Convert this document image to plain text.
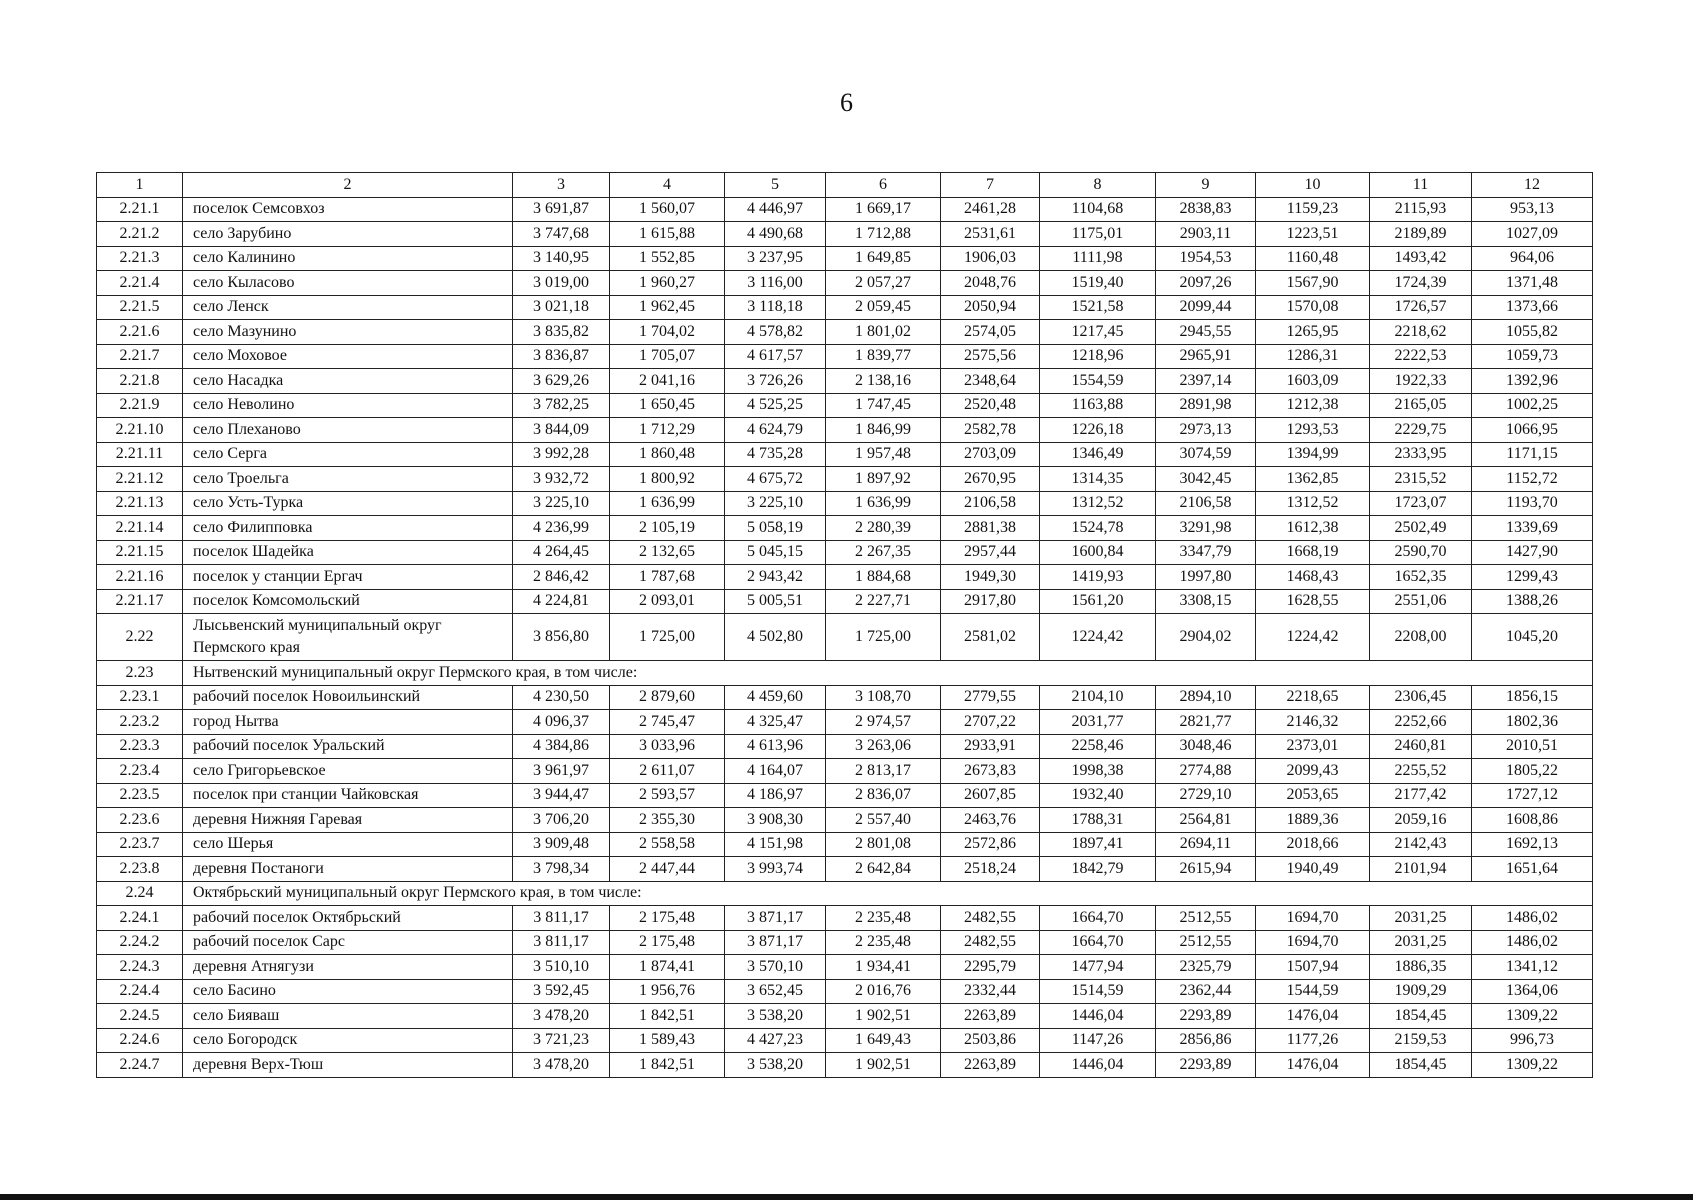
6
1	2	3	4	5	6	7	8	9	10	11	12
2.21.1	поселок Семсовхоз	3 691,87	1 560,07	4 446,97	1 669,17	2461,28	1104,68	2838,83	1159,23	2115,93	953,13
2.21.2	село Зарубино	3 747,68	1 615,88	4 490,68	1 712,88	2531,61	1175,01	2903,11	1223,51	2189,89	1027,09
2.21.3	село Калинино	3 140,95	1 552,85	3 237,95	1 649,85	1906,03	1111,98	1954,53	1160,48	1493,42	964,06
2.21.4	село Кыласово	3 019,00	1 960,27	3 116,00	2 057,27	2048,76	1519,40	2097,26	1567,90	1724,39	1371,48
2.21.5	село Ленск	3 021,18	1 962,45	3 118,18	2 059,45	2050,94	1521,58	2099,44	1570,08	1726,57	1373,66
2.21.6	село Мазунино	3 835,82	1 704,02	4 578,82	1 801,02	2574,05	1217,45	2945,55	1265,95	2218,62	1055,82
2.21.7	село Моховое	3 836,87	1 705,07	4 617,57	1 839,77	2575,56	1218,96	2965,91	1286,31	2222,53	1059,73
2.21.8	село Насадка	3 629,26	2 041,16	3 726,26	2 138,16	2348,64	1554,59	2397,14	1603,09	1922,33	1392,96
2.21.9	село Неволино	3 782,25	1 650,45	4 525,25	1 747,45	2520,48	1163,88	2891,98	1212,38	2165,05	1002,25
2.21.10	село Плеханово	3 844,09	1 712,29	4 624,79	1 846,99	2582,78	1226,18	2973,13	1293,53	2229,75	1066,95
2.21.11	село Серга	3 992,28	1 860,48	4 735,28	1 957,48	2703,09	1346,49	3074,59	1394,99	2333,95	1171,15
2.21.12	село Троельга	3 932,72	1 800,92	4 675,72	1 897,92	2670,95	1314,35	3042,45	1362,85	2315,52	1152,72
2.21.13	село Усть-Турка	3 225,10	1 636,99	3 225,10	1 636,99	2106,58	1312,52	2106,58	1312,52	1723,07	1193,70
2.21.14	село Филипповка	4 236,99	2 105,19	5 058,19	2 280,39	2881,38	1524,78	3291,98	1612,38	2502,49	1339,69
2.21.15	поселок Шадейка	4 264,45	2 132,65	5 045,15	2 267,35	2957,44	1600,84	3347,79	1668,19	2590,70	1427,90
2.21.16	поселок у станции Ергач	2 846,42	1 787,68	2 943,42	1 884,68	1949,30	1419,93	1997,80	1468,43	1652,35	1299,43
2.21.17	поселок Комсомольский	4 224,81	2 093,01	5 005,51	2 227,71	2917,80	1561,20	3308,15	1628,55	2551,06	1388,26
2.22	Лысьвенский муниципальный округ Пермского края	3 856,80	1 725,00	4 502,80	1 725,00	2581,02	1224,42	2904,02	1224,42	2208,00	1045,20
2.23	Нытвенский муниципальный округ Пермского края, в том числе:										
2.23.1	рабочий поселок Новоильинский	4 230,50	2 879,60	4 459,60	3 108,70	2779,55	2104,10	2894,10	2218,65	2306,45	1856,15
2.23.2	город Нытва	4 096,37	2 745,47	4 325,47	2 974,57	2707,22	2031,77	2821,77	2146,32	2252,66	1802,36
2.23.3	рабочий поселок Уральский	4 384,86	3 033,96	4 613,96	3 263,06	2933,91	2258,46	3048,46	2373,01	2460,81	2010,51
2.23.4	село Григорьевское	3 961,97	2 611,07	4 164,07	2 813,17	2673,83	1998,38	2774,88	2099,43	2255,52	1805,22
2.23.5	поселок при станции Чайковская	3 944,47	2 593,57	4 186,97	2 836,07	2607,85	1932,40	2729,10	2053,65	2177,42	1727,12
2.23.6	деревня Нижняя Гаревая	3 706,20	2 355,30	3 908,30	2 557,40	2463,76	1788,31	2564,81	1889,36	2059,16	1608,86
2.23.7	село Шерья	3 909,48	2 558,58	4 151,98	2 801,08	2572,86	1897,41	2694,11	2018,66	2142,43	1692,13
2.23.8	деревня Постаноги	3 798,34	2 447,44	3 993,74	2 642,84	2518,24	1842,79	2615,94	1940,49	2101,94	1651,64
2.24	Октябрьский муниципальный округ Пермского края, в том числе:										
2.24.1	рабочий поселок Октябрьский	3 811,17	2 175,48	3 871,17	2 235,48	2482,55	1664,70	2512,55	1694,70	2031,25	1486,02
2.24.2	рабочий поселок Сарс	3 811,17	2 175,48	3 871,17	2 235,48	2482,55	1664,70	2512,55	1694,70	2031,25	1486,02
2.24.3	деревня Атнягузи	3 510,10	1 874,41	3 570,10	1 934,41	2295,79	1477,94	2325,79	1507,94	1886,35	1341,12
2.24.4	село Басино	3 592,45	1 956,76	3 652,45	2 016,76	2332,44	1514,59	2362,44	1544,59	1909,29	1364,06
2.24.5	село Бияваш	3 478,20	1 842,51	3 538,20	1 902,51	2263,89	1446,04	2293,89	1476,04	1854,45	1309,22
2.24.6	село Богородск	3 721,23	1 589,43	4 427,23	1 649,43	2503,86	1147,26	2856,86	1177,26	2159,53	996,73
2.24.7	деревня Верх-Тюш	3 478,20	1 842,51	3 538,20	1 902,51	2263,89	1446,04	2293,89	1476,04	1854,45	1309,22
